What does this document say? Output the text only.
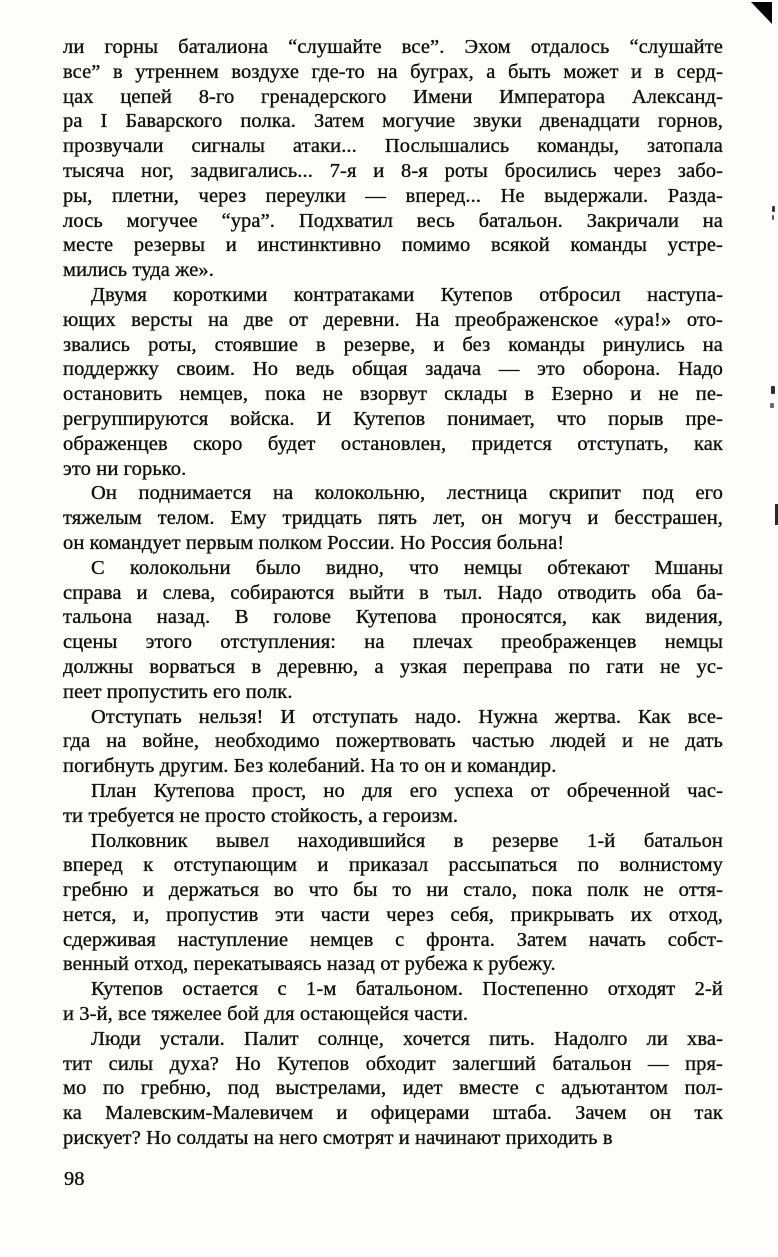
ли горны баталиона “слушайте все”. Эхом отдалось “слушайте
все” в утреннем воздухе где-то на буграх, а быть может и в серд-
цах цепей 8-го гренадерского Имени Императора Александ-
ра I Баварского полка. Затем могучие звуки двенадцати горнов,
прозвучали сигналы атаки... Послышались команды, затопала
тысяча ног, задвигались... 7-я и 8-я роты бросились через забо-
ры, плетни, через переулки — вперед... Не выдержали. Разда-
лось могучее “ура”. Подхватил весь батальон. Закричали на
месте резервы и инстинктивно помимо всякой команды устре-
мились туда же».
Двумя короткими контратаками Кутепов отбросил наступа-
ющих версты на две от деревни. На преображенское «ура!» ото-
звались роты, стоявшие в резерве, и без команды ринулись на
поддержку своим. Но ведь общая задача — это оборона. Надо
остановить немцев, пока не взорвут склады в Езерно и не пе-
регруппируются войска. И Кутепов понимает, что порыв пре-
ображенцев скоро будет остановлен, придется отступать, как
это ни горько.
Он поднимается на колокольню, лестница скрипит под его
тяжелым телом. Ему тридцать пять лет, он могуч и бесстрашен,
он командует первым полком России. Но Россия больна!
С колокольни было видно, что немцы обтекают Мшаны
справа и слева, собираются выйти в тыл. Надо отводить оба ба-
тальона назад. В голове Кутепова проносятся, как видения,
сцены этого отступления: на плечах преображенцев немцы
должны ворваться в деревню, а узкая переправа по гати не ус-
пеет пропустить его полк.
Отступать нельзя! И отступать надо. Нужна жертва. Как все-
гда на войне, необходимо пожертвовать частью людей и не дать
погибнуть другим. Без колебаний. На то он и командир.
План Кутепова прост, но для его успеха от обреченной час-
ти требуется не просто стойкость, а героизм.
Полковник вывел находившийся в резерве 1-й батальон
вперед к отступающим и приказал рассыпаться по волнистому
гребню и держаться во что бы то ни стало, пока полк не оття-
нется, и, пропустив эти части через себя, прикрывать их отход,
сдерживая наступление немцев с фронта. Затем начать собст-
венный отход, перекатываясь назад от рубежа к рубежу.
Кутепов остается с 1-м батальоном. Постепенно отходят 2-й
и 3-й, все тяжелее бой для остающейся части.
Люди устали. Палит солнце, хочется пить. Надолго ли хва-
тит силы духа? Но Кутепов обходит залегший батальон — пря-
мо по гребню, под выстрелами, идет вместе с адъютантом пол-
ка Малевским-Малевичем и офицерами штаба. Зачем он так
рискует? Но солдаты на него смотрят и начинают приходить в
98
